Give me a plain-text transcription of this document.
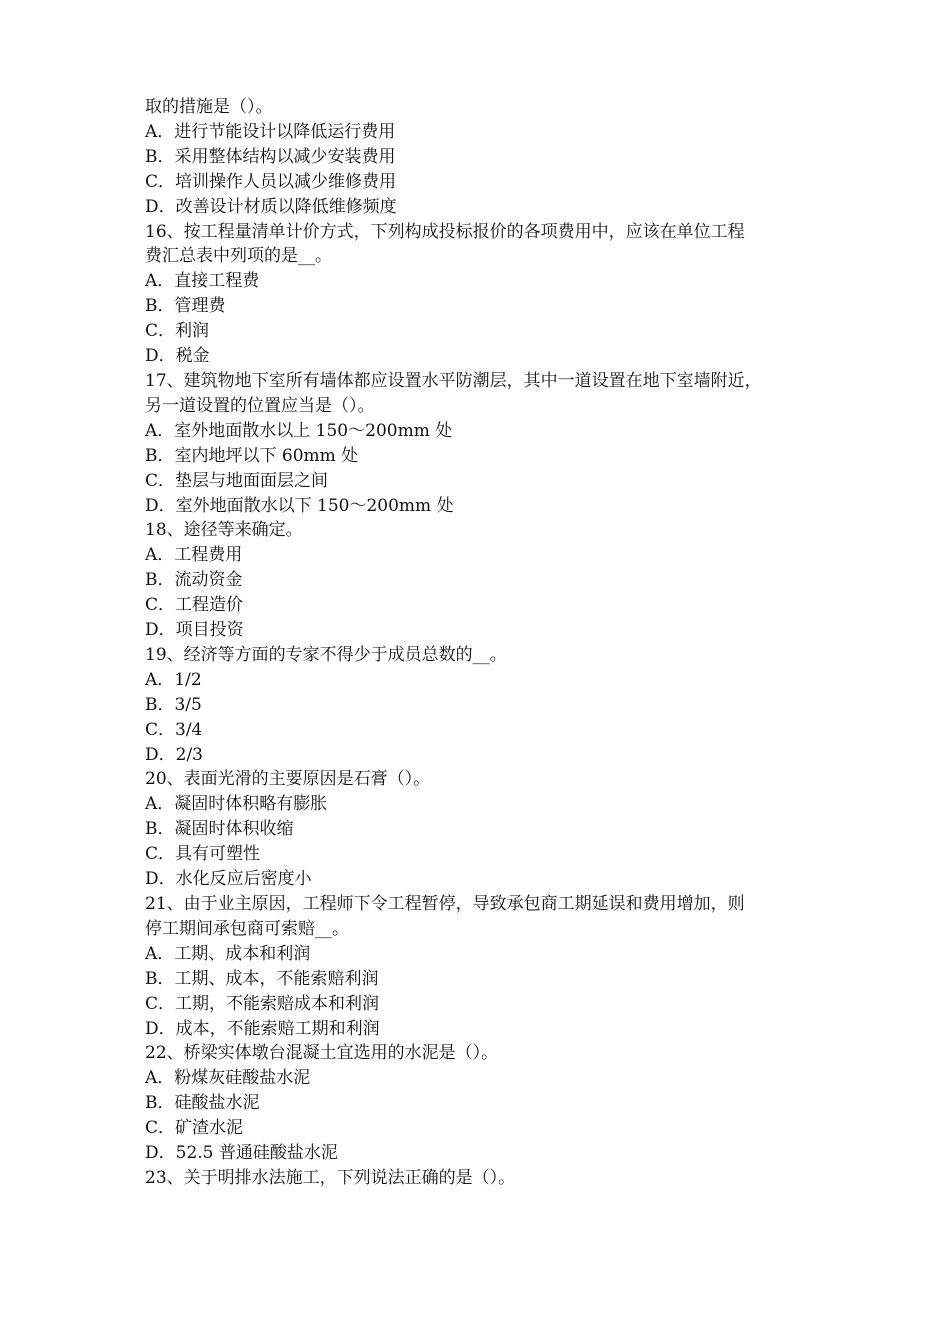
取的措施是（）。
A．进行节能设计以降低运行费用
B．采用整体结构以减少安装费用
C．培训操作人员以减少维修费用
D．改善设计材质以降低维修频度
16、按工程量清单计价方式，下列构成投标报价的各项费用中，应该在单位工程
费汇总表中列项的是__。
A．直接工程费
B．管理费
C．利润
D．税金
17、建筑物地下室所有墙体都应设置水平防潮层，其中一道设置在地下室墙附近，
另一道设置的位置应当是（）。
A．室外地面散水以上 150～200mm 处
B．室内地坪以下 60mm 处
C．垫层与地面面层之间
D．室外地面散水以下 150～200mm 处
18、途径等来确定。
A．工程费用
B．流动资金
C．工程造价
D．项目投资
19、经济等方面的专家不得少于成员总数的__。
A．1/2
B．3/5
C．3/4
D．2/3
20、表面光滑的主要原因是石膏（）。
A．凝固时体积略有膨胀
B．凝固时体积收缩
C．具有可塑性
D．水化反应后密度小
21、由于业主原因，工程师下令工程暂停，导致承包商工期延误和费用增加，则
停工期间承包商可索赔__。
A．工期、成本和利润
B．工期、成本，不能索赔利润
C．工期，不能索赔成本和利润
D．成本，不能索赔工期和利润
22、桥梁实体墩台混凝土宜选用的水泥是（）。
A．粉煤灰硅酸盐水泥
B．硅酸盐水泥
C．矿渣水泥
D．52.5 普通硅酸盐水泥
23、关于明排水法施工，下列说法正确的是（）。
